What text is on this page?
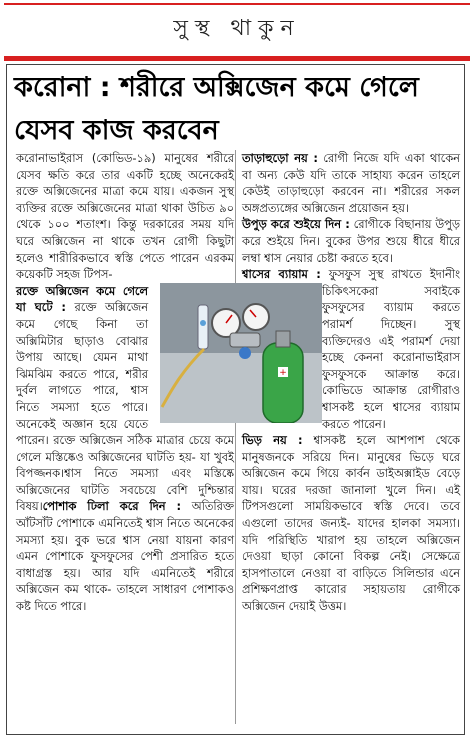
সুস্থ থাকুন
করোনা : শরীরে অক্সিজেন কমে গেলে যেসব কাজ করবেন

করোনাভাইরাস (কোভিড-১৯) মানুষের শরীরে যেসব ক্ষতি করে তার একটি হচ্ছে অনেকেরই রক্তে অক্সিজেনের মাত্রা কমে যায়। একজন সুস্থ ব্যক্তির রক্তে অক্সিজেনের মাত্রা থাকা উচিত ৯০ থেকে ১০০ শতাংশ। কিন্তু দরকারের সময় যদি ঘরে অক্সিজেন না থাকে তখন রোগী কিছুটা হলেও শারীরিকভাবে স্বস্তি পেতে পারেন এরকম কয়েকটি সহজ টিপস-
রক্তে অক্সিজেন কমে গেলে যা ঘটে : রক্তে অক্সিজেন কমে গেছে কিনা তা অক্সিমিটার ছাড়াও বোঝার উপায় আছে। যেমন মাথা ঝিমঝিম করতে পারে, শরীর দুর্বল লাগতে পারে, শ্বাস নিতে সমস্যা হতে পারে। অনেকেই অজ্ঞান হয়ে যেতে পারেন। রক্তে অক্সিজেন সঠিক মাত্রার চেয়ে কমে গেলে মস্তিষ্কেও অক্সিজেনের ঘাটতি হয়- যা খুবই বিপজ্জনক।শ্বাস নিতে সমস্যা এবং মস্তিষ্কে অক্সিজেনের ঘাটতি সবচেয়ে বেশি দুশ্চিন্তার বিষয়।পোশাক ঢিলা করে দিন : অতিরিক্ত আঁটসাঁট পোশাকে এমনিতেই শ্বাস নিতে অনেকের সমস্যা হয়। বুক ভরে শ্বাস নেয়া যায়না কারণ এমন পোশাকে ফুসফুসের পেশী প্রসারিত হতে বাধাগ্রস্ত হয়। আর যদি এমনিতেই শরীরে অক্সিজেন কম থাকে- তাহলে সাধারণ পোশাকও কষ্ট দিতে পারে।

তাড়াহুড়ো নয় : রোগী নিজে যদি একা থাকেন বা অন্য কেউ যদি তাকে সাহায্য করেন তাহলে কেউই তাড়াহুড়ো করবেন না। শরীরের সকল অঙ্গপ্রত্যঙ্গের অক্সিজেন প্রয়োজন হয়।
উপুড় করে শুইয়ে দিন : রোগীকে বিছানায় উপুড় করে শুইয়ে দিন। বুকের উপর শুয়ে ধীরে ধীরে লম্বা শ্বাস নেয়ার চেষ্টা করতে হবে।
শ্বাসের ব্যায়াম : ফুসফুস সুস্থ রাখতে ইদানীং চিকিৎসকেরা সবাইকে ফুসফুসের ব্যায়াম করতে পরামর্শ দিচ্ছেন। সুস্থ ব্যক্তিদেরও এই পরামর্শ দেয়া হচ্ছে কেননা করোনাভাইরাস ফুসফুসকে আক্রান্ত করে। কোভিডে আক্রান্ত রোগীরাও শ্বাসকষ্ট হলে শ্বাসের ব্যায়াম করতে পারেন।
ভিড় নয় : শ্বাসকষ্ট হলে আশপাশ থেকে মানুষজনকে সরিয়ে দিন। মানুষের ভিড়ে ঘরে অক্সিজেন কমে গিয়ে কার্বন ডাইঅক্সাইড বেড়ে যায়। ঘরের দরজা জানালা খুলে দিন। এই টিপসগুলো সাময়িকভাবে স্বস্তি দেবে। তবে এগুলো তাদের জন্যই- যাদের হালকা সমস্যা। যদি পরিস্থিতি খারাপ হয় তাহলে অক্সিজেন দেওয়া ছাড়া কোনো বিকল্প নেই। সেক্ষেত্রে হাসপাতালে নেওয়া বা বাড়িতে সিলিন্ডার এনে প্রশিক্ষণপ্রাপ্ত কারোর সহায়তায় রোগীকে অক্সিজেন দেয়াই উত্তম।

+
